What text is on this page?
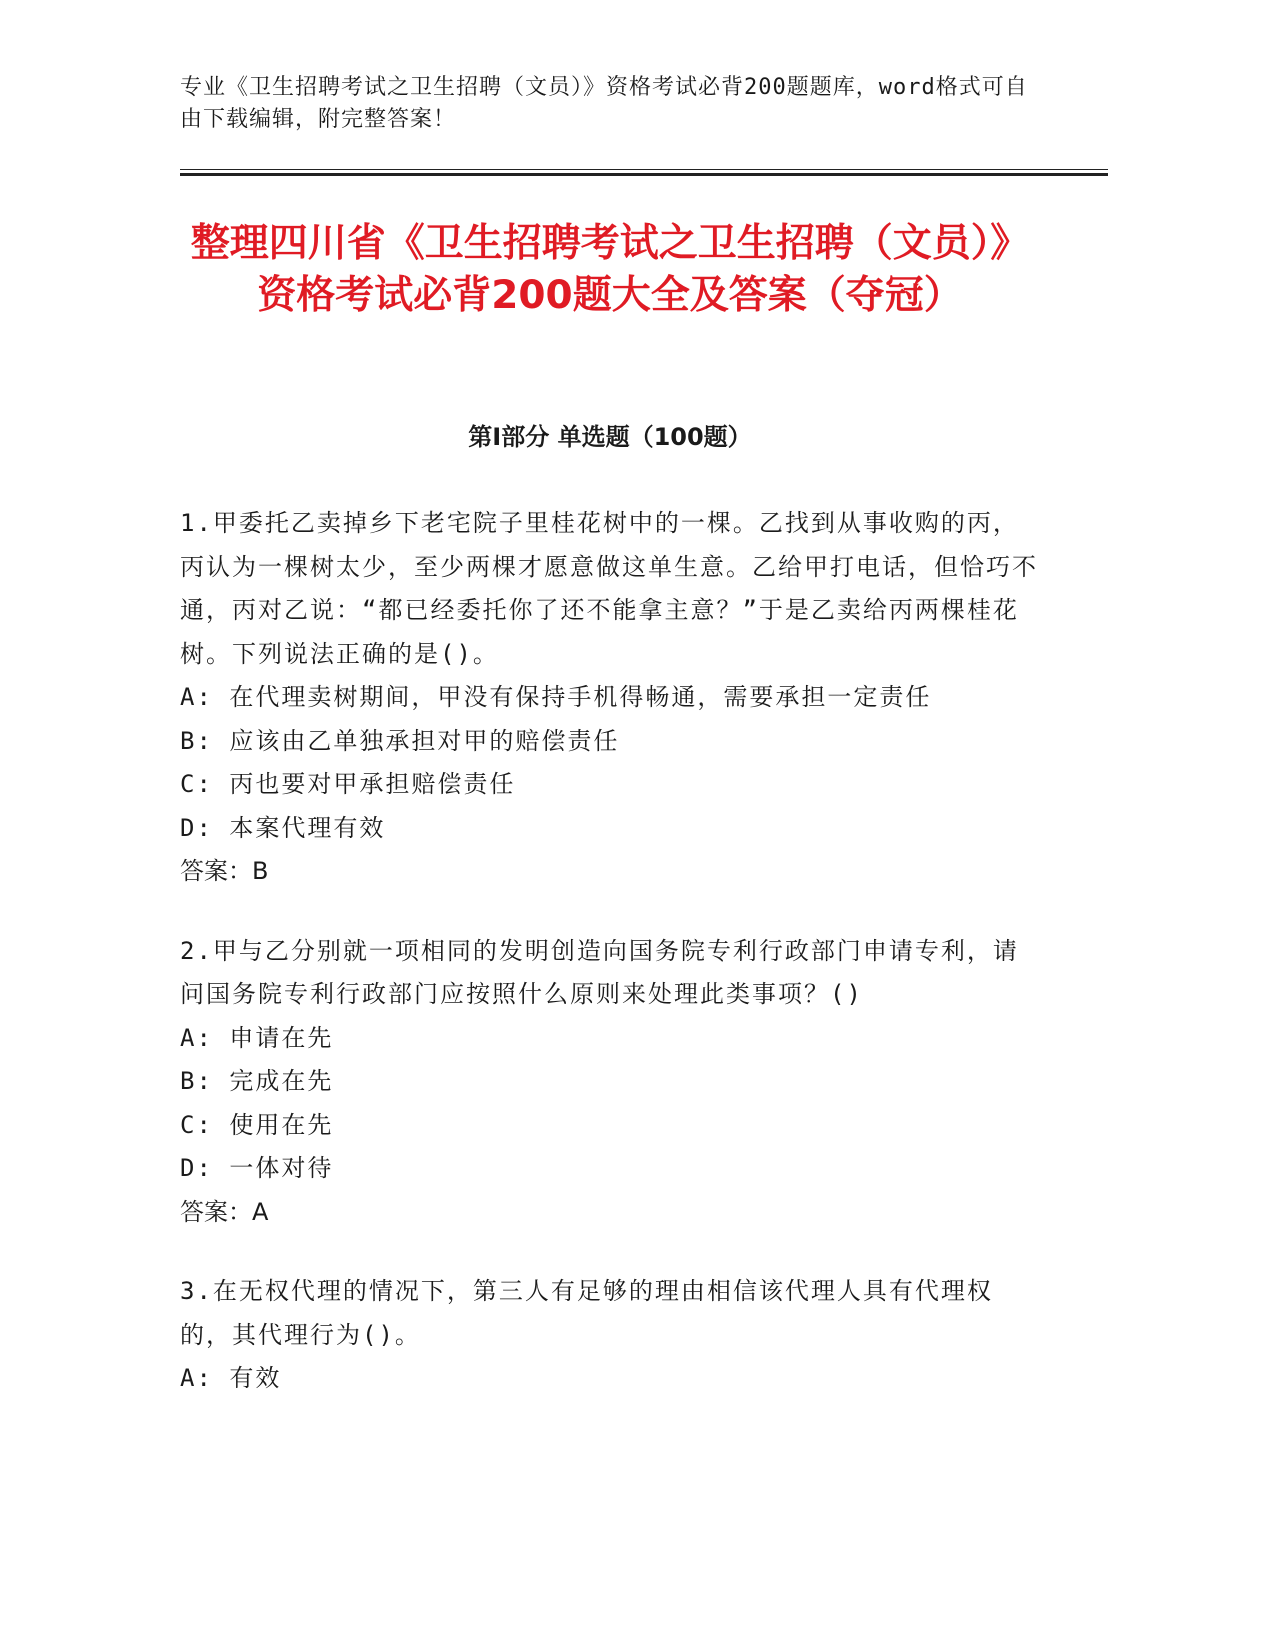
专业《卫生招聘考试之卫生招聘（文员）》资格考试必背200题题库，word格式可自由下载编辑，附完整答案！
整理四川省《卫生招聘考试之卫生招聘（文员）》资格考试必背200题大全及答案（夺冠）
第I部分 单选题（100题）

1.甲委托乙卖掉乡下老宅院子里桂花树中的一棵。乙找到从事收购的丙，丙认为一棵树太少，至少两棵才愿意做这单生意。乙给甲打电话，但恰巧不通，丙对乙说：“都已经委托你了还不能拿主意？”于是乙卖给丙两棵桂花树。下列说法正确的是()。

A: 在代理卖树期间，甲没有保持手机得畅通，需要承担一定责任

B: 应该由乙单独承担对甲的赔偿责任

C: 丙也要对甲承担赔偿责任

D: 本案代理有效

答案：B

2.甲与乙分别就一项相同的发明创造向国务院专利行政部门申请专利，请问国务院专利行政部门应按照什么原则来处理此类事项？()

A: 申请在先

B: 完成在先

C: 使用在先

D: 一体对待

答案：A

3.在无权代理的情况下，第三人有足够的理由相信该代理人具有代理权的，其代理行为()。

A: 有效
